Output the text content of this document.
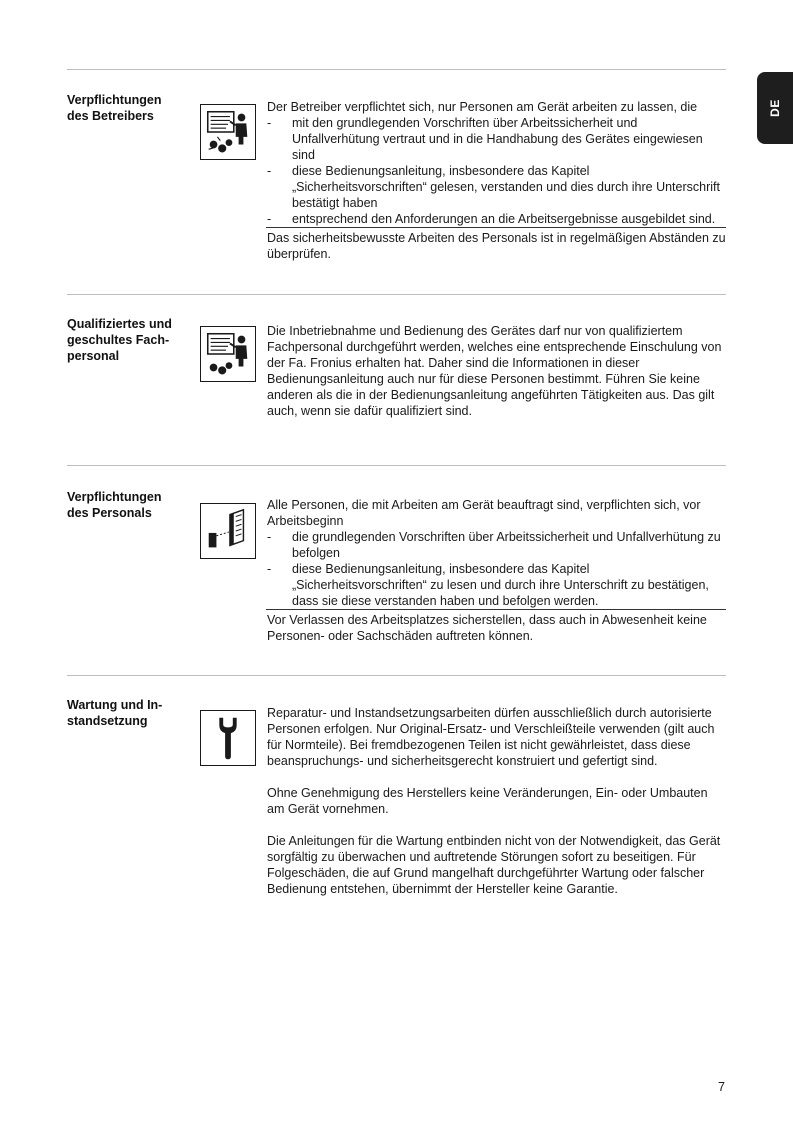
DE
Verpflichtungen
des Betreibers

Der Betreiber verpflichtet sich, nur Personen am Gerät arbeiten zu lassen, die

- mit den grundlegenden Vorschriften über Arbeitssicherheit und Unfallverhütung vertraut und in die Handhabung des Gerätes eingewiesen sind
- diese Bedienungsanleitung, insbesondere das Kapitel „Sicherheitsvorschriften“ gelesen, verstanden und dies durch ihre Unterschrift bestätigt haben
- entsprechend den Anforderungen an die Arbeitsergebnisse ausgebildet sind.

Das sicherheitsbewusste Arbeiten des Personals ist in regelmäßigen Abständen zu überprüfen.

Qualifiziertes und
geschultes Fach-
personal

Die Inbetriebnahme und Bedienung des Gerätes darf nur von qualifiziertem Fachpersonal durchgeführt werden, welches eine entsprechende Einschulung von der Fa. Fronius erhalten hat. Daher sind die Informationen in dieser Bedienungsanleitung auch nur für diese Personen bestimmt. Führen Sie keine anderen als die in der Bedienungsanleitung angeführten Tätigkeiten aus. Das gilt auch, wenn sie dafür qualifiziert sind.

Verpflichtungen
des Personals

Alle Personen, die mit Arbeiten am Gerät beauftragt sind, verpflichten sich, vor Arbeitsbeginn

- die grundlegenden Vorschriften über Arbeitssicherheit und Unfallverhütung zu befolgen
- diese Bedienungsanleitung, insbesondere das Kapitel „Sicherheitsvorschriften“ zu lesen und durch ihre Unterschrift zu bestätigen, dass sie diese verstanden haben und befolgen werden.

Vor Verlassen des Arbeitsplatzes sicherstellen, dass auch in Abwesenheit keine Personen- oder Sachschäden auftreten können.

Wartung und In-
standsetzung

Reparatur- und Instandsetzungsarbeiten dürfen ausschließlich durch autorisierte Personen erfolgen. Nur Original-Ersatz- und Verschleißteile verwenden (gilt auch für Normteile). Bei fremdbezogenen Teilen ist nicht gewährleistet, dass diese beanspruchungs- und sicherheitsgerecht konstruiert und gefertigt sind.

Ohne Genehmigung des Herstellers keine Veränderungen, Ein- oder Umbauten am Gerät vornehmen.

Die Anleitungen für die Wartung entbinden nicht von der Notwendigkeit, das Gerät sorgfältig zu überwachen und auftretende Störungen sofort zu beseitigen. Für Folgeschäden, die auf Grund mangelhaft durchgeführter Wartung oder falscher Bedienung entstehen, übernimmt der Hersteller keine Garantie.

7
